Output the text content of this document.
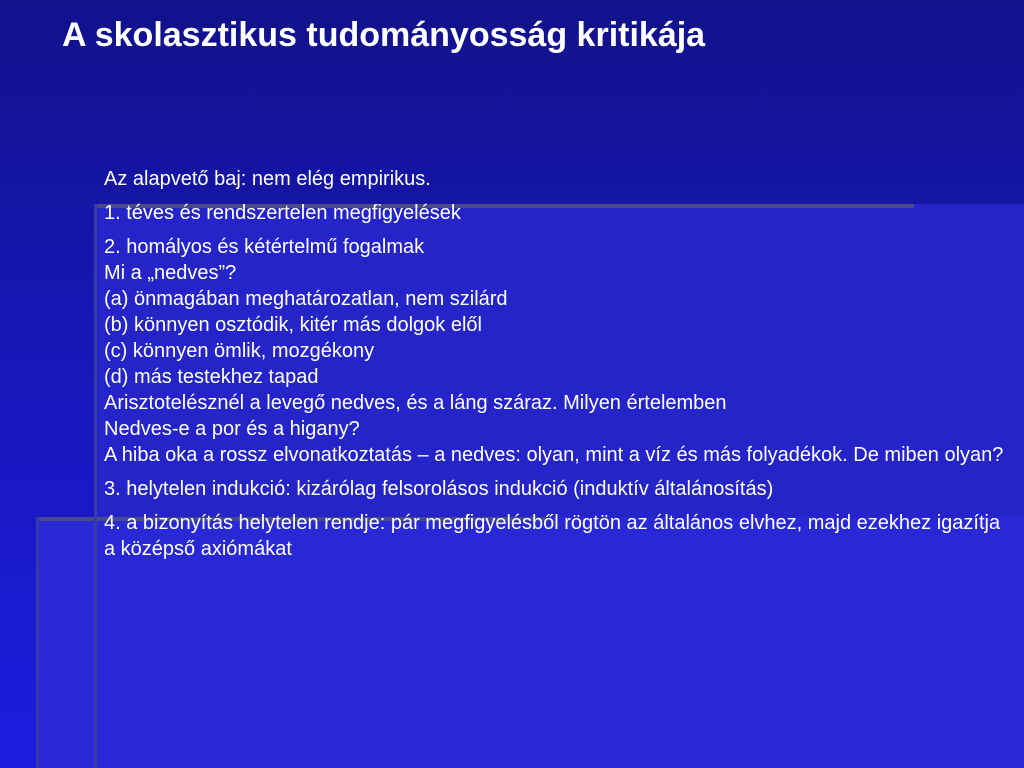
A skolasztikus tudományosság kritikája

Az alapvető baj: nem elég empirikus.

1. téves és rendszertelen megfigyelések

2. homályos és kétértelmű fogalmak

Mi a „nedves”?

(a) önmagában meghatározatlan, nem szilárd

(b) könnyen osztódik, kitér más dolgok elől

(c) könnyen ömlik, mozgékony

(d) más testekhez tapad

Arisztotelésznél a levegő nedves, és a láng száraz. Milyen értelemben

Nedves-e a por és a higany?

A hiba oka a rossz elvonatkoztatás – a nedves: olyan, mint a víz és más folyadékok. De miben olyan?

3. helytelen indukció: kizárólag felsorolásos indukció (induktív általánosítás)

4. a bizonyítás helytelen rendje: pár megfigyelésből rögtön az általános elvhez, majd ezekhez igazítja a középső axiómákat
